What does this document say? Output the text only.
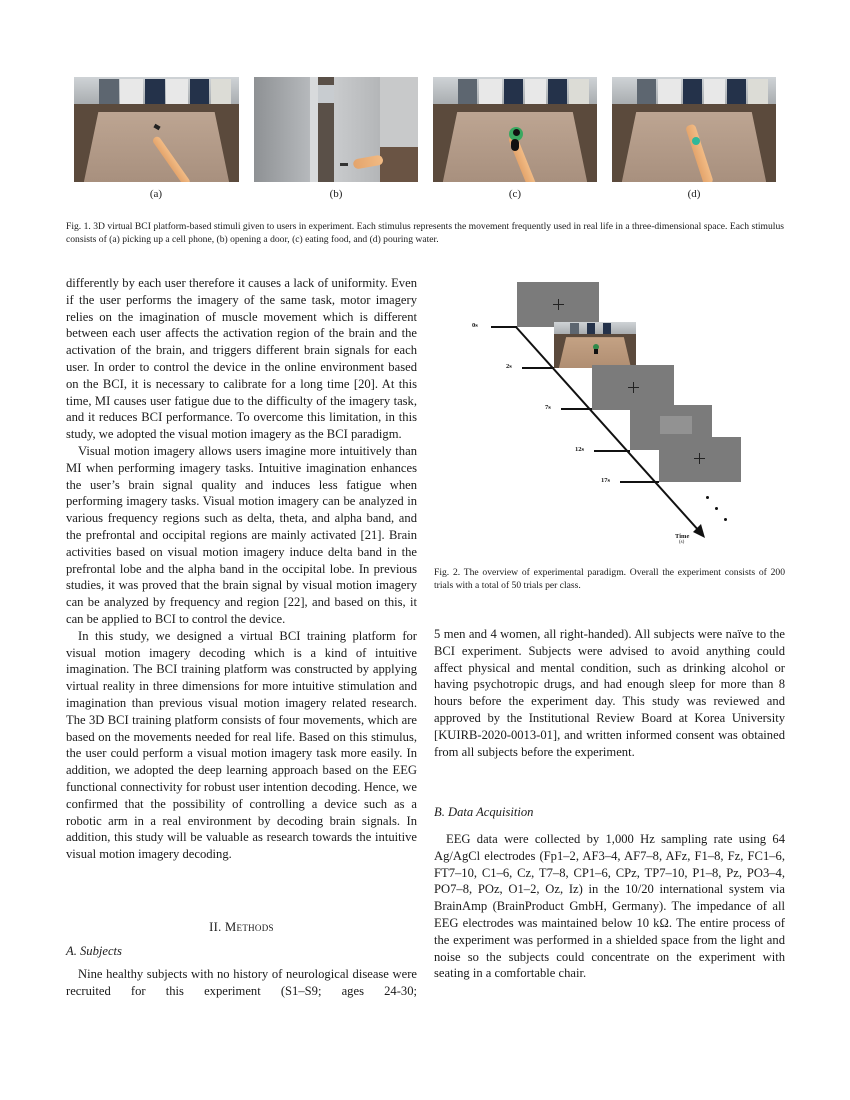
(a)	(b)	(c)	(d)
Fig. 1. 3D virtual BCI platform-based stimuli given to users in experiment. Each stimulus represents the movement frequently used in real life in a three-dimensional space. Each stimulus consists of (a) picking up a cell phone, (b) opening a door, (c) eating food, and (d) pouring water.

differently by each user therefore it causes a lack of uniformity. Even if the user performs the imagery of the same task, motor imagery relies on the imagination of muscle movement which is different between each user affects the activation region of the brain and the activation of the brain, and triggers different brain signals for each user. In order to control the device in the online environment based on the BCI, it is necessary to calibrate for a long time [20]. At this time, MI causes user fatigue due to the difficulty of the imagery task, and it reduces BCI performance. To overcome this limitation, in this study, we adopted the visual motion imagery as the BCI paradigm.

Visual motion imagery allows users imagine more intuitively than MI when performing imagery tasks. Intuitive imagination enhances the user’s brain signal quality and induces less fatigue when performing imagery tasks. Visual motion imagery can be analyzed in various frequency regions such as delta, theta, and alpha band, and the prefrontal and occipital regions are mainly activated [21]. Brain activities based on visual motion imagery induce delta band in the prefrontal lobe and the alpha band in the occipital lobe. In previous studies, it was proved that the brain signal by visual motion imagery can be analyzed by frequency and region [22], and based on this, it can be applied to BCI to control the device.

In this study, we designed a virtual BCI training platform for visual motion imagery decoding which is a kind of intuitive imagination. The BCI training platform was constructed by applying virtual reality in three dimensions for more intuitive stimulation and imagination than previous visual motion imagery related research. The 3D BCI training platform consists of four movements, which are based on the movements needed for real life. Based on this stimulus, the user could perform a visual motion imagery task more easily. In addition, we adopted the deep learning approach based on the EEG functional connectivity for robust user intention decoding. Hence, we confirmed that the possibility of controlling a device such as a robotic arm in a real environment by decoding brain signals. In addition, this study will be valuable as research towards the intuitive visual motion imagery decoding.

II. Methods
A. Subjects

Nine healthy subjects with no history of neurological disease were recruited for this experiment (S1–S9; ages 24-30;

0s
2s
7s
12s
17s
Time
(s)
Fig. 2. The overview of experimental paradigm. Overall the experiment consists of 200 trials with a total of 50 trials per class.

5 men and 4 women, all right-handed). All subjects were naïve to the BCI experiment. Subjects were advised to avoid anything could affect physical and mental condition, such as drinking alcohol or having psychotropic drugs, and had enough sleep for more than 8 hours before the experiment day. This study was reviewed and approved by the Institutional Review Board at Korea University [KUIRB-2020-0013-01], and written informed consent was obtained from all subjects before the experiment.

B. Data Acquisition

EEG data were collected by 1,000 Hz sampling rate using 64 Ag/AgCl electrodes (Fp1–2, AF3–4, AF7–8, AFz, F1–8, Fz, FC1–6, FT7–10, C1–6, Cz, T7–8, CP1–6, CPz, TP7–10, P1–8, Pz, PO3–4, PO7–8, POz, O1–2, Oz, Iz) in the 10/20 international system via BrainAmp (BrainProduct GmbH, Germany). The impedance of all EEG electrodes was maintained below 10 kΩ. The entire process of the experiment was performed in a shielded space from the light and noise so the subjects could concentrate on the experiment with seating in a comfortable chair.
